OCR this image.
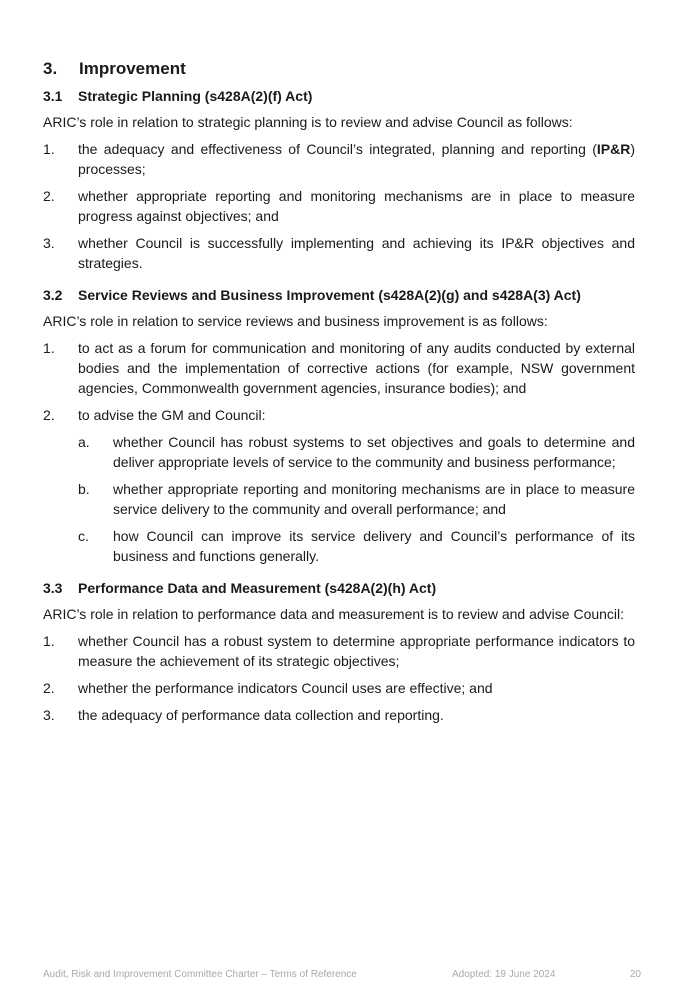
3.	Improvement
3.1	Strategic Planning (s428A(2)(f) Act)

ARIC’s role in relation to strategic planning is to review and advise Council as follows:

1.	the adequacy and effectiveness of Council’s integrated, planning and reporting (IP&R) processes;
2.	whether appropriate reporting and monitoring mechanisms are in place to measure progress against objectives; and
3.	whether Council is successfully implementing and achieving its IP&R objectives and strategies.
3.2	Service Reviews and Business Improvement (s428A(2)(g) and s428A(3) Act)

ARIC’s role in relation to service reviews and business improvement is as follows:

1.	to act as a forum for communication and monitoring of any audits conducted by external bodies and the implementation of corrective actions (for example, NSW government agencies, Commonwealth government agencies, insurance bodies); and
2.	to advise the GM and Council:
a.	whether Council has robust systems to set objectives and goals to determine and deliver appropriate levels of service to the community and business performance;
b.	whether appropriate reporting and monitoring mechanisms are in place to measure service delivery to the community and overall performance; and
c.	how Council can improve its service delivery and Council’s performance of its business and functions generally.
3.3	Performance Data and Measurement (s428A(2)(h) Act)

ARIC’s role in relation to performance data and measurement is to review and advise Council:

1.	whether Council has a robust system to determine appropriate performance indicators to measure the achievement of its strategic objectives;
2.	whether the performance indicators Council uses are effective; and
3.	the adequacy of performance data collection and reporting.
Audit, Risk and Improvement Committee Charter – Terms of Reference	Adopted: 19 June 2024	20
